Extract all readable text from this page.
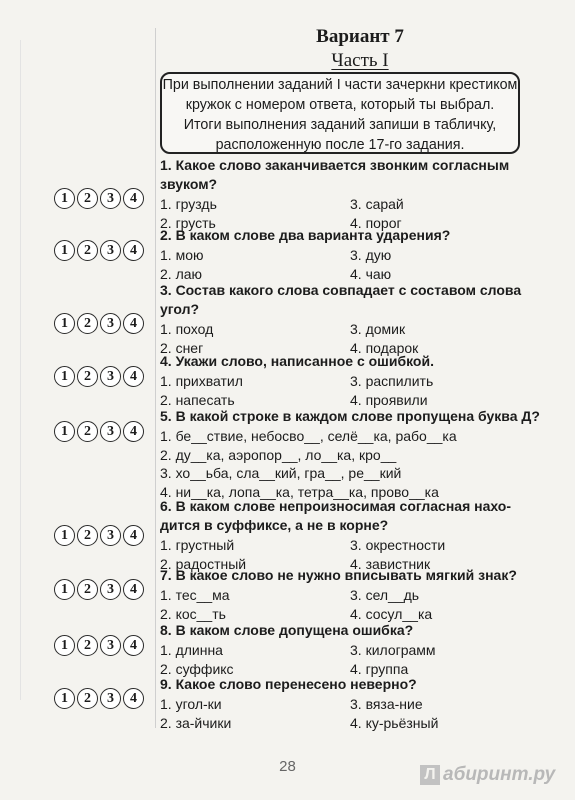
Вариант 7
Часть I
При выполнении заданий I части зачеркни крестиком
кружок с номером ответа, который ты выбрал.
Итоги выполнения заданий запиши в табличку,
расположенную после 17-го задания.
1	2	3	4
1. Какое слово заканчивается звонким согласным
звуком?
1. груздь	3. сарай
2. грусть	4. порог
1	2	3	4
2. В каком слове два варианта ударения?
1. мою	3. дую
2. лаю	4. чаю
1	2	3	4
3. Состав какого слова совпадает с составом слова
угол?
1. поход	3. домик
2. снег	4. подарок
1	2	3	4
4. Укажи слово, написанное с ошибкой.
1. прихватил	3. распилить
2. напесать	4. проявили
1	2	3	4
5. В какой строке в каждом слове пропущена буква Д?
1. бе__ствие, небосво__, селё__ка, рабо__ка
2. ду__ка, аэропор__, ло__ка, кро__
3. хо__ьба, сла__кий, гра__, ре__кий
4. ни__ка, лопа__ка, тетра__ка, прово__ка
1	2	3	4
6. В каком слове непроизносимая согласная нахо-
дится в суффиксе, а не в корне?
1. грустный	3. окрестности
2. радостный	4. завистник
1	2	3	4
7. В какое слово не нужно вписывать мягкий знак?
1. тес__ма	3. сел__дь
2. кос__ть	4. сосул__ка
1	2	3	4
8. В каком слове допущена ошибка?
1. длинна	3. килограмм
2. суффикс	4. группа
1	2	3	4
9. Какое слово перенесено неверно?
1. угол-ки	3. вяза-ние
2. за-йчики	4. ку-рьёзный
28	Л абиринт.ру
